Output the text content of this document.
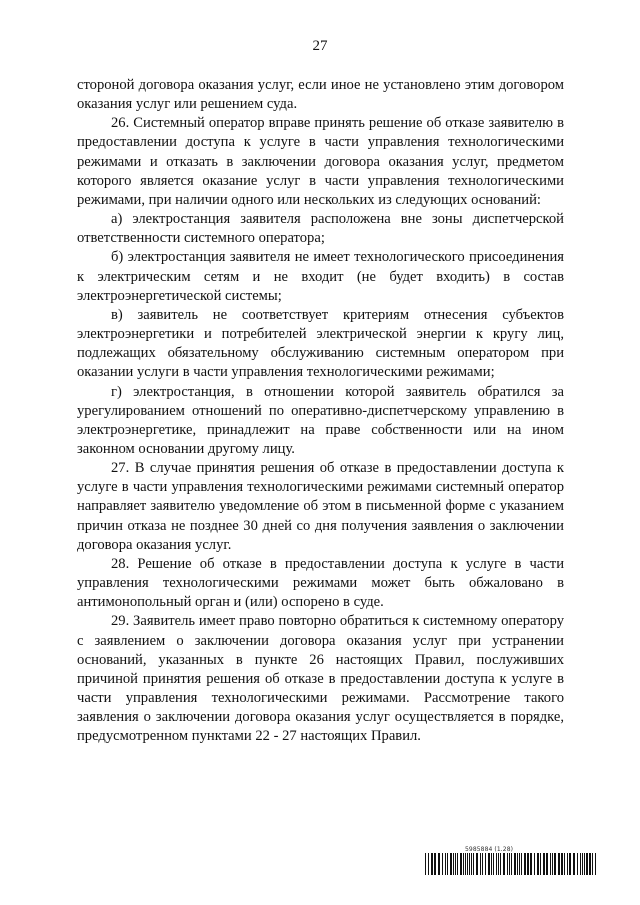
27

стороной договора оказания услуг, если иное не установлено этим договором оказания услуг или решением суда.

26. Системный оператор вправе принять решение об отказе заявителю в предоставлении доступа к услуге в части управления технологическими режимами и отказать в заключении договора оказания услуг, предметом которого является оказание услуг в части управления технологическими режимами, при наличии одного или нескольких из следующих оснований:

а) электростанция заявителя расположена вне зоны диспетчерской ответственности системного оператора;

б) электростанция заявителя не имеет технологического присоединения к электрическим сетям и не входит (не будет входить) в состав электроэнергетической системы;

в) заявитель не соответствует критериям отнесения субъектов электроэнергетики и потребителей электрической энергии к кругу лиц, подлежащих обязательному обслуживанию системным оператором при оказании услуги в части управления технологическими режимами;

г) электростанция, в отношении которой заявитель обратился за урегулированием отношений по оперативно-диспетчерскому управлению в электроэнергетике, принадлежит на праве собственности или на ином законном основании другому лицу.

27. В случае принятия решения об отказе в предоставлении доступа к услуге в части управления технологическими режимами системный оператор направляет заявителю уведомление об этом в письменной форме с указанием причин отказа не позднее 30 дней со дня получения заявления о заключении договора оказания услуг.

28. Решение об отказе в предоставлении доступа к услуге в части управления технологическими режимами может быть обжаловано в антимонопольный орган и (или) оспорено в суде.

29. Заявитель имеет право повторно обратиться к системному оператору с заявлением о заключении договора оказания услуг при устранении оснований, указанных в пункте 26 настоящих Правил, послуживших причиной принятия решения об отказе в предоставлении доступа к услуге в части управления технологическими режимами. Рассмотрение такого заявления о заключении договора оказания услуг осуществляется в порядке, предусмотренном пунктами 22 - 27 настоящих Правил.

5985884 (1.28)
